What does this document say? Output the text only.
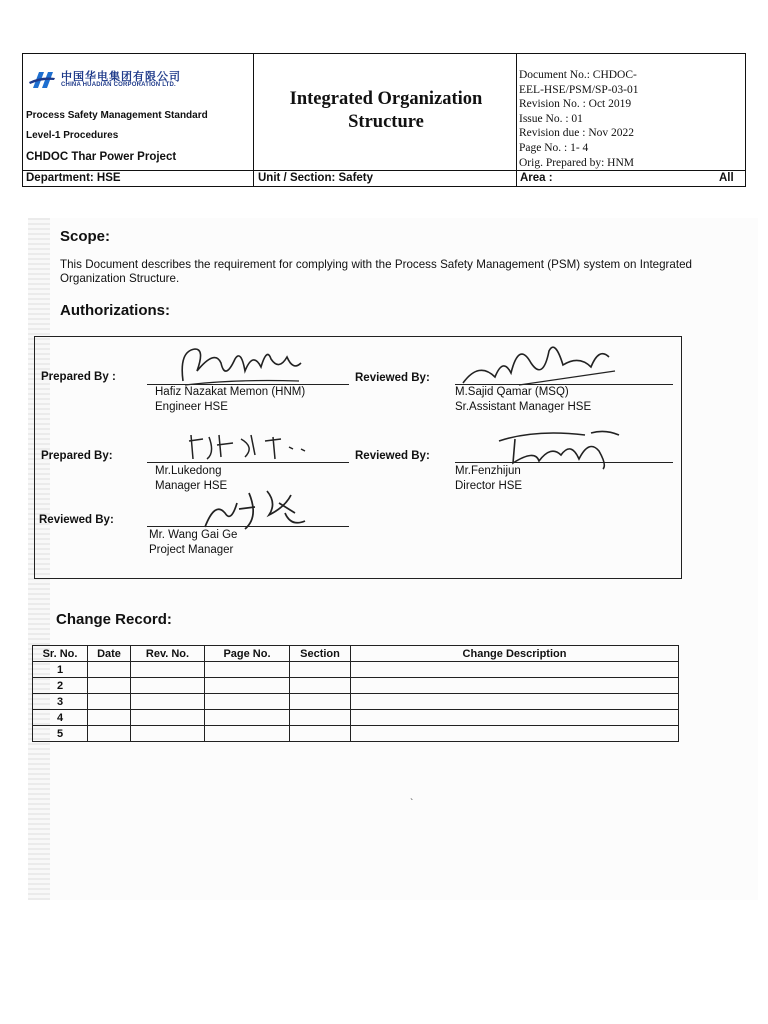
中国华电集团有限公司
CHINA HUADIAN CORPORATION LTD.
Process Safety Management Standard
Level-1 Procedures
CHDOC Thar Power Project
Integrated Organization
Structure
Document No.: CHDOC-
EEL-HSE/PSM/SP-03-01
Revision No. : Oct 2019
Issue No. : 01
Revision due : Nov 2022
Page No. : 1- 4
Orig. Prepared by: HNM
Department: HSE	Unit / Section: Safety	Area :	All
Scope:
This Document describes the requirement for complying with the Process Safety Management (PSM) system on Integrated Organization Structure.
Authorizations:
Prepared By :
Hafiz Nazakat Memon (HNM)
Engineer HSE
Reviewed By:
M.Sajid Qamar (MSQ)
Sr.Assistant Manager HSE
Prepared By:
Mr.Lukedong
Manager HSE
Reviewed By:
Mr.Fenzhijun
Director HSE
Reviewed By:
Mr. Wang Gai Ge
Project Manager
Change Record:
Sr. No.	Date	Rev. No.	Page No.	Section	Change Description
1					
2					
3					
4					
5					
`
